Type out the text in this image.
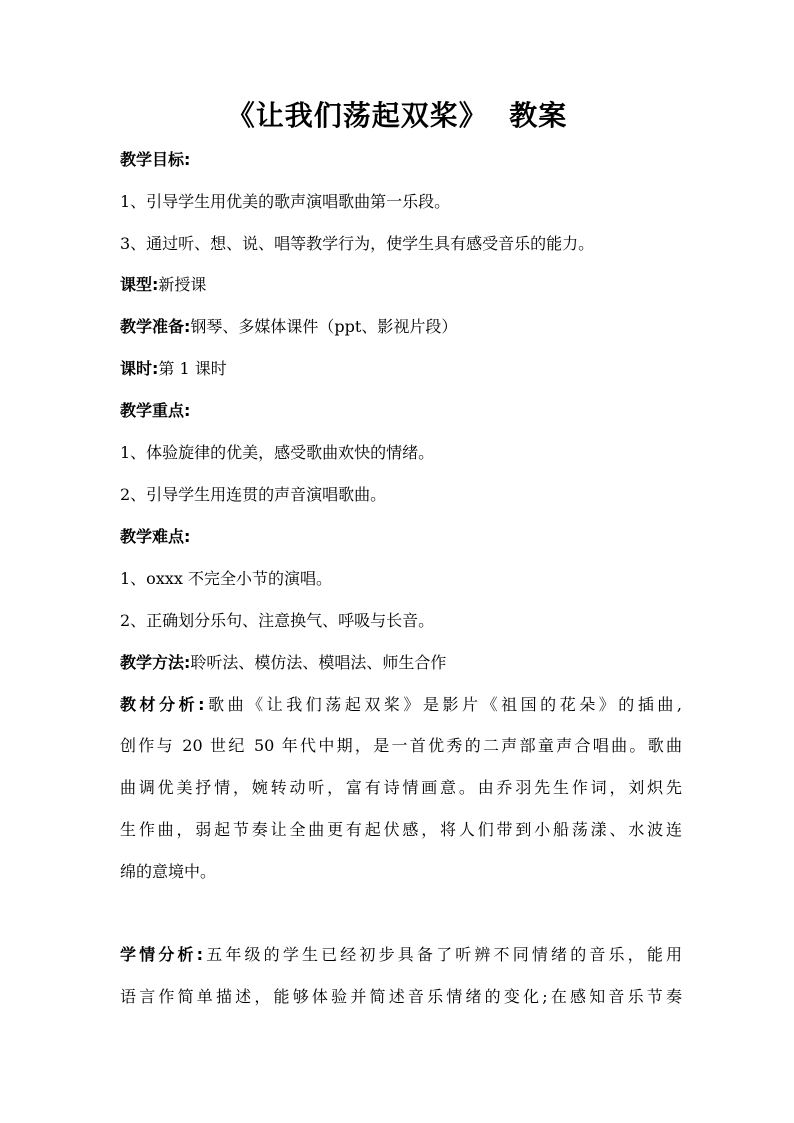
《让我们荡起双桨》  教案
教学目标:
1、引导学生用优美的歌声演唱歌曲第一乐段。
3、通过听、想、说、唱等教学行为，使学生具有感受音乐的能力。
课型:新授课
教学准备:钢琴、多媒体课件（ppt、影视片段）
课时:第 1 课时
教学重点:
1、体验旋律的优美，感受歌曲欢快的情绪。
2、引导学生用连贯的声音演唱歌曲。
教学难点:
1、oxxx 不完全小节的演唱。
2、正确划分乐句、注意换气、呼吸与长音。
教学方法:聆听法、模仿法、模唱法、师生合作
教材分析:歌曲《让我们荡起双桨》是影片《祖国的花朵》的插曲,
创作与 20 世纪 50 年代中期，是一首优秀的二声部童声合唱曲。歌曲
曲调优美抒情，婉转动听，富有诗情画意。由乔羽先生作词，刘炽先
生作曲，弱起节奏让全曲更有起伏感，将人们带到小船荡漾、水波连
绵的意境中。
学情分析:五年级的学生已经初步具备了听辨不同情绪的音乐，能用
语言作简单描述，能够体验并简述音乐情绪的变化;在感知音乐节奏
